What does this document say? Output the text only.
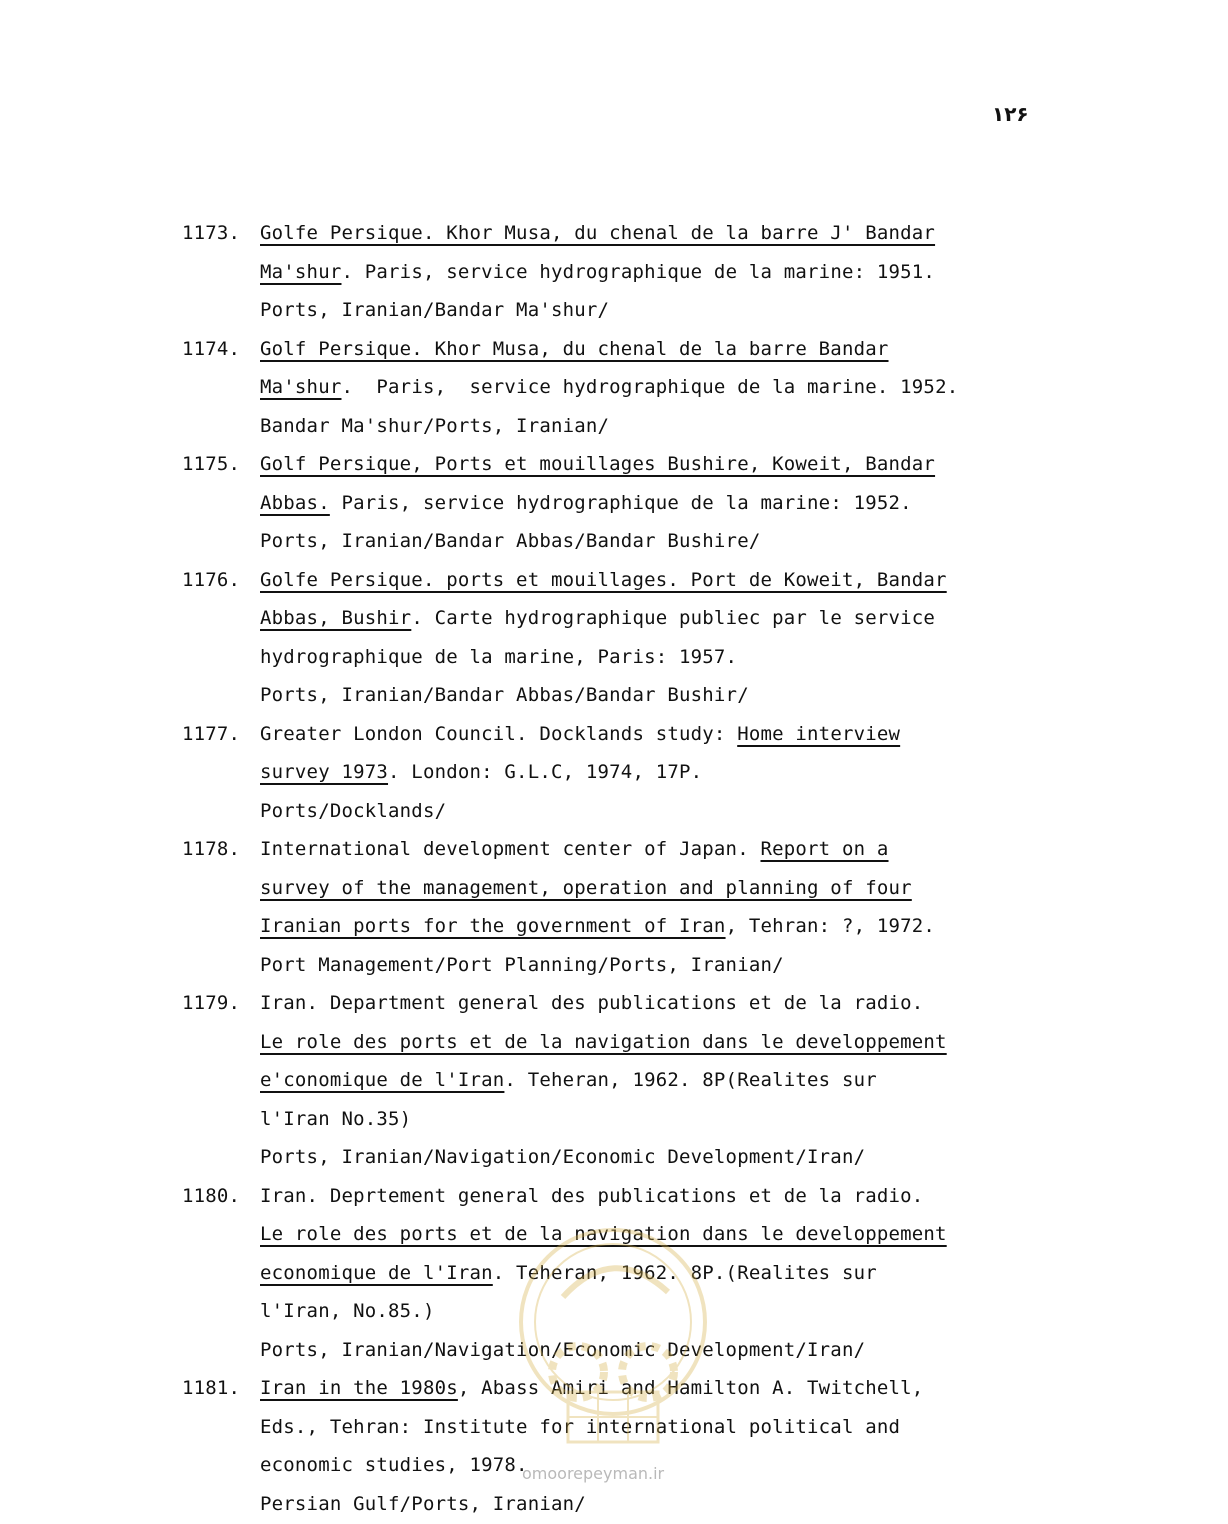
۱۲۶
1173.	Golfe Persique. Khor Musa, du chenal de la barre J' Bandar
Ma'shur. Paris, service hydrographique de la marine: 1951.
Ports, Iranian/Bandar Ma'shur/
1174.	Golf Persique. Khor Musa, du chenal de la barre Bandar
Ma'shur.  Paris,  service hydrographique de la marine. 1952.
Bandar Ma'shur/Ports, Iranian/
1175.	Golf Persique, Ports et mouillages Bushire, Koweit, Bandar
Abbas. Paris, service hydrographique de la marine: 1952.
Ports, Iranian/Bandar Abbas/Bandar Bushire/
1176.	Golfe Persique. ports et mouillages. Port de Koweit, Bandar
Abbas, Bushir. Carte hydrographique publiec par le service
hydrographique de la marine, Paris: 1957.
Ports, Iranian/Bandar Abbas/Bandar Bushir/
1177.	Greater London Council. Docklands study: Home interview
survey 1973. London: G.L.C, 1974, 17P.
Ports/Docklands/
1178.	International development center of Japan. Report on a
survey of the management, operation and planning of four
Iranian ports for the government of Iran, Tehran: ?, 1972.
Port Management/Port Planning/Ports, Iranian/
1179.	Iran. Department general des publications et de la radio.
Le role des ports et de la navigation dans le developpement
e'conomique de l'Iran. Teheran, 1962. 8P(Realites sur
l'Iran No.35)
Ports, Iranian/Navigation/Economic Development/Iran/
1180.	Iran. Deprtement general des publications et de la radio.
Le role des ports et de la navigation dans le developpement
economique de l'Iran. Teheran, 1962. 8P.(Realites sur
l'Iran, No.85.)
Ports, Iranian/Navigation/Economic Development/Iran/
1181.	Iran in the 1980s, Abass Amiri and Hamilton A. Twitchell,
Eds., Tehran: Institute for international political and
economic studies, 1978.
Persian Gulf/Ports, Iranian/
omoorepeyman.ir
